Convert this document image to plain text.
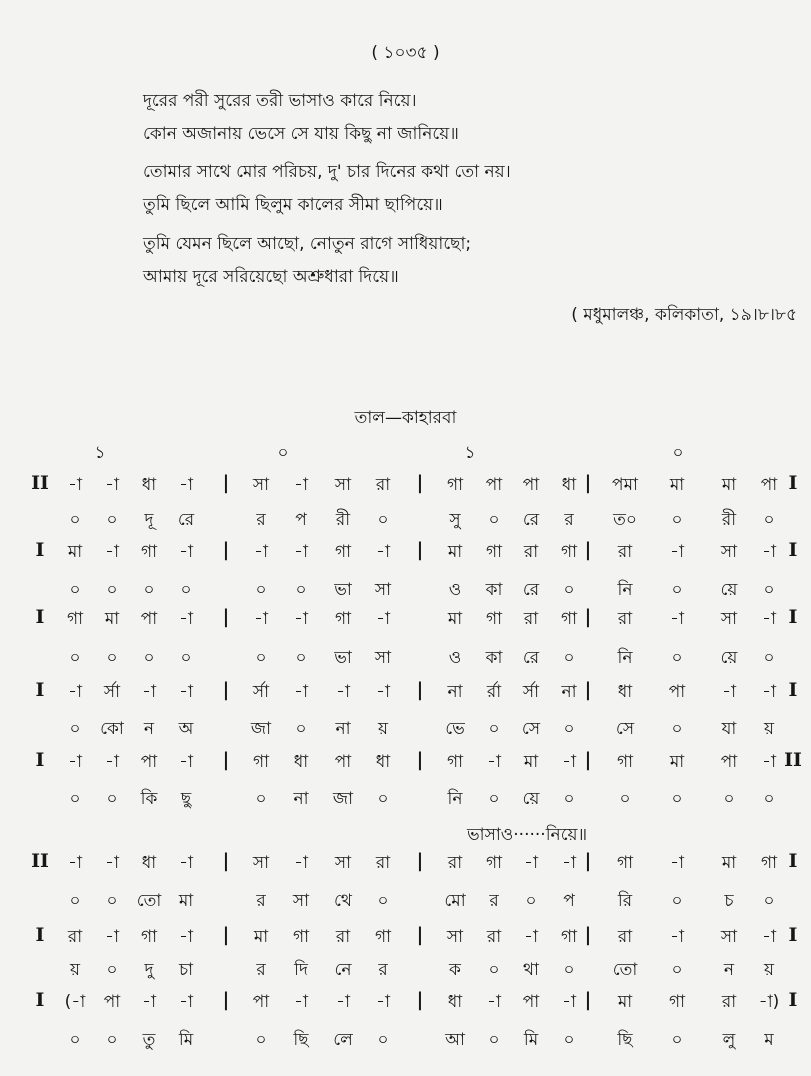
( ১০৩৫ )
দূরের পরী সুরের তরী ভাসাও কারে নিয়ে।
কোন অজানায় ভেসে সে যায় কিছু না জানিয়ে॥
তোমার সাথে মোর পরিচয়, দু' চার দিনের কথা তো নয়।
তুমি ছিলে আমি ছিলুম কালের সীমা ছাপিয়ে॥
তুমি যেমন ছিলে আছো, নোতুন রাগে সাধিয়াছো;
আমায় দূরে সরিয়েছো অশ্রুধারা দিয়ে॥
( মধুমালঞ্চ, কলিকাতা, ১৯।৮।৮৫
তাল—কাহারবা
১	০	১	০
II -া -া ধা -া | সা -া সা রা | গা পা পা ধা | পমা মা মা পা I
০ ০ দূ রে	র প রী ০	সু ০ রে র ত০ ০ রী ০
I মা -া গা -া | -া -া গা -া | মা গা রা গা | রা -া সা -া I
০ ০ ০ ০	০ ০ ভা সা	ও কা রে ০	নি ০ য়ে ০
I গা মা পা -া | -া -া গা -া	মা গা রা গা | রা -া সা -া I
০ ০ ০ ০	০ ০ ভা সা	ও কা রে ০	নি ০ য়ে ০
I -া র্সা -া -া | র্সা -া -া -া | না র্রা র্সা না | ধা পা -া -া I
০ কো ন অ	জা ০ না য়	ভে ০ সে ০ সে ০ যা য়
I -া -া পা -া | গা ধা পা ধা | গা -া মা -া | গা মা পা -া II
০ ০ কি ছু	০ না জা ০	নি ০ য়ে ০	০ ০ ০ ০
II -া -া ধা -া | সা -া সা রা | রা গা -া -া | গা -া মা গা I
০ ০ তো মা	র সা থে ০	মো র ০ প	রি ০ চ ০
I রা -া গা -া | মা গা রা গা | সা রা -া গা | রা -া সা -া I
য় ০ দু চা	র দি নে র	ক ০ থা ০ তো ০ ন য়
I (-া পা -া -া | পা -া -া -া | ধা -া পা -া | মা গা রা -া) I
০ ০ তু মি	০ ছি লে ০	আ ০ মি ০	ছি ০ লু ম
ভাসাও······নিয়ে॥
